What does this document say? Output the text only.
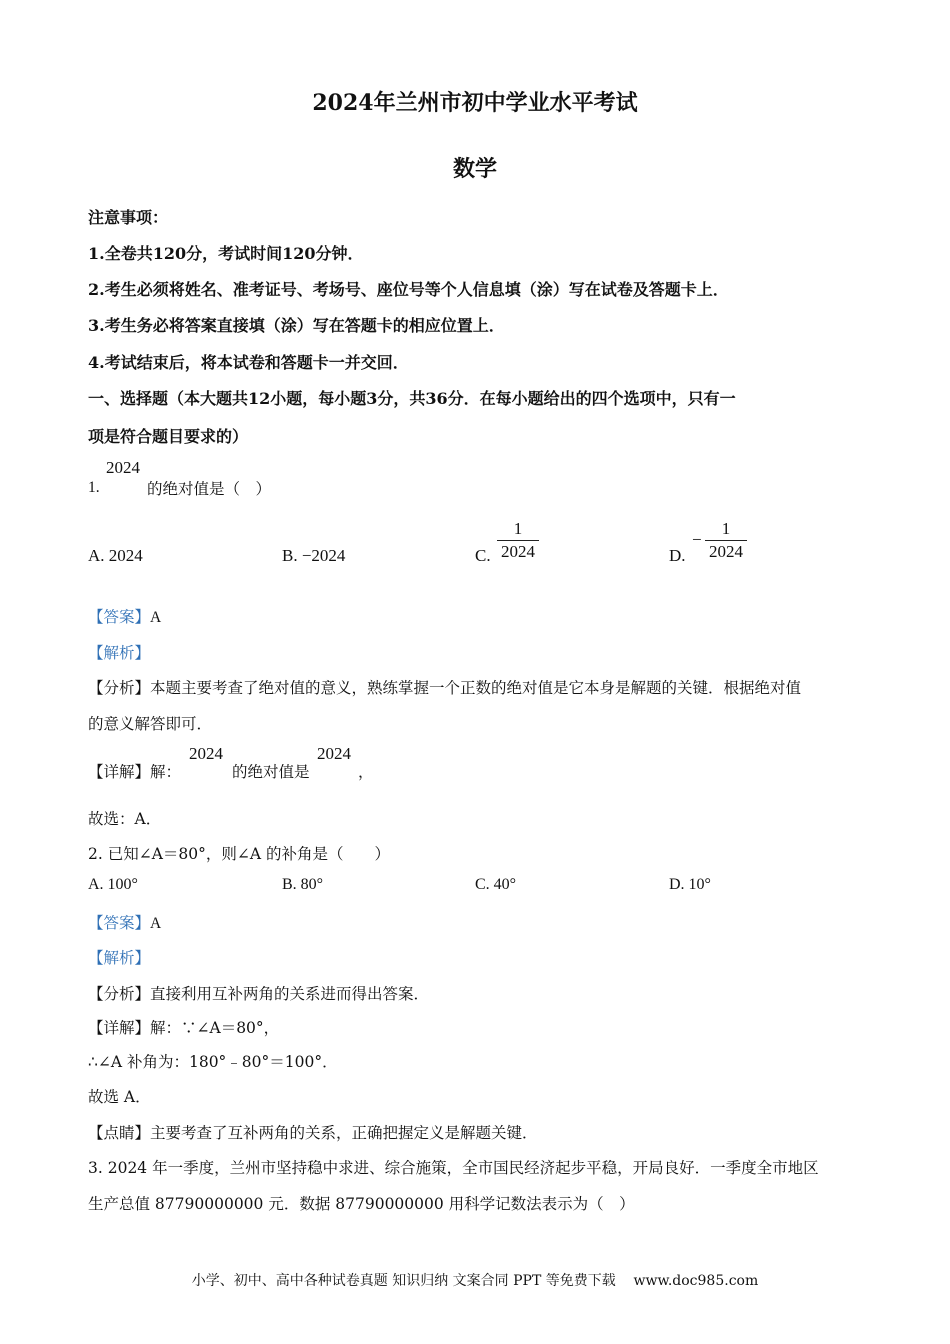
2024年兰州市初中学业水平考试
数学
注意事项：
1.全卷共120分，考试时间120分钟．
2.考生必须将姓名、准考证号、考场号、座位号等个人信息填（涂）写在试卷及答题卡上．
3.考生务必将答案直接填（涂）写在答题卡的相应位置上．
4.考试结束后，将本试卷和答题卡一并交回．
一、选择题（本大题共12小题，每小题3分，共36分．在每小题给出的四个选项中，只有一
项是符合题目要求的）
1.
2024
的绝对值是（　）
A. 2024	B. −2024	C.
1
2024	D.
−
1
2024
【答案】A
【解析】
【分析】本题主要考查了绝对值的意义，熟练掌握一个正数的绝对值是它本身是解题的关键．根据绝对值
的意义解答即可．
【详解】解：
2024
的绝对值是
2024
，
故选：A．
2. 已知∠A＝80°，则∠A 的补角是（　　）
A. 100°	B. 80°	C. 40°	D. 10°
【答案】A
【解析】
【分析】直接利用互补两角的关系进而得出答案．
【详解】解：∵∠A＝80°，
∴∠A 补角为：180°﹣80°＝100°．
故选 A．
【点睛】主要考查了互补两角的关系，正确把握定义是解题关键．
3. 2024 年一季度，兰州市坚持稳中求进、综合施策，全市国民经济起步平稳，开局良好．一季度全市地区
生产总值 87790000000 元．数据 87790000000 用科学记数法表示为（　）
小学、初中、高中各种试卷真题 知识归纳 文案合同 PPT 等免费下载 www.doc985.com
